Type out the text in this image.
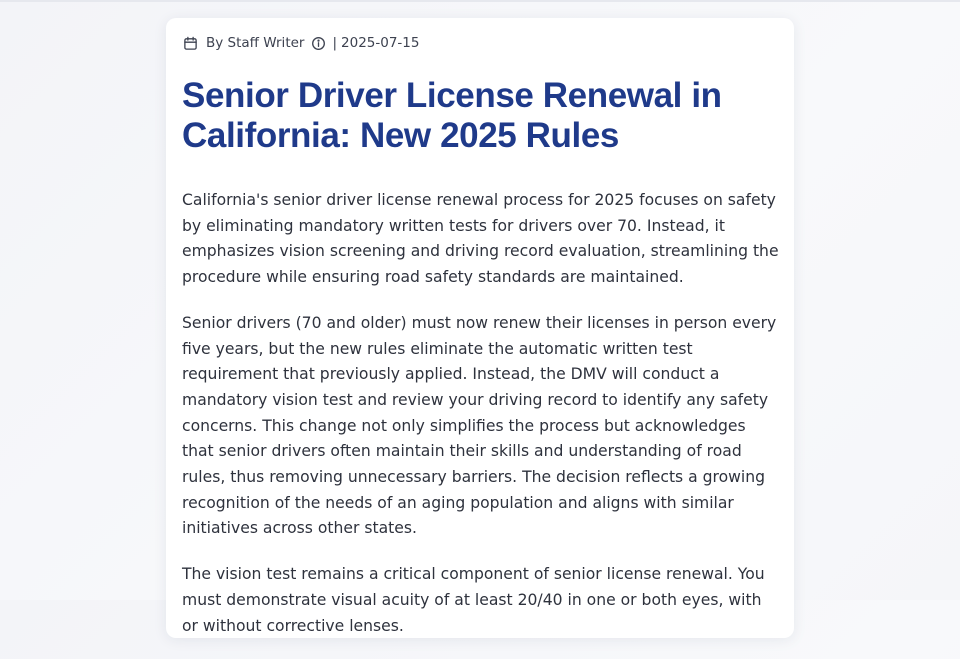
By Staff Writer | 2025-07-15
Senior Driver License Renewal in California: New 2025 Rules

California's senior driver license renewal process for 2025 focuses on safety by eliminating mandatory written tests for drivers over 70. Instead, it emphasizes vision screening and driving record evaluation, streamlining the procedure while ensuring road safety standards are maintained.

Senior drivers (70 and older) must now renew their licenses in person every five years, but the new rules eliminate the automatic written test requirement that previously applied. Instead, the DMV will conduct a mandatory vision test and review your driving record to identify any safety concerns. This change not only simplifies the process but acknowledges that senior drivers often maintain their skills and understanding of road rules, thus removing unnecessary barriers. The decision reflects a growing recognition of the needs of an aging population and aligns with similar initiatives across other states.

The vision test remains a critical component of senior license renewal. You must demonstrate visual acuity of at least 20/40 in one or both eyes, with or without corrective lenses.
